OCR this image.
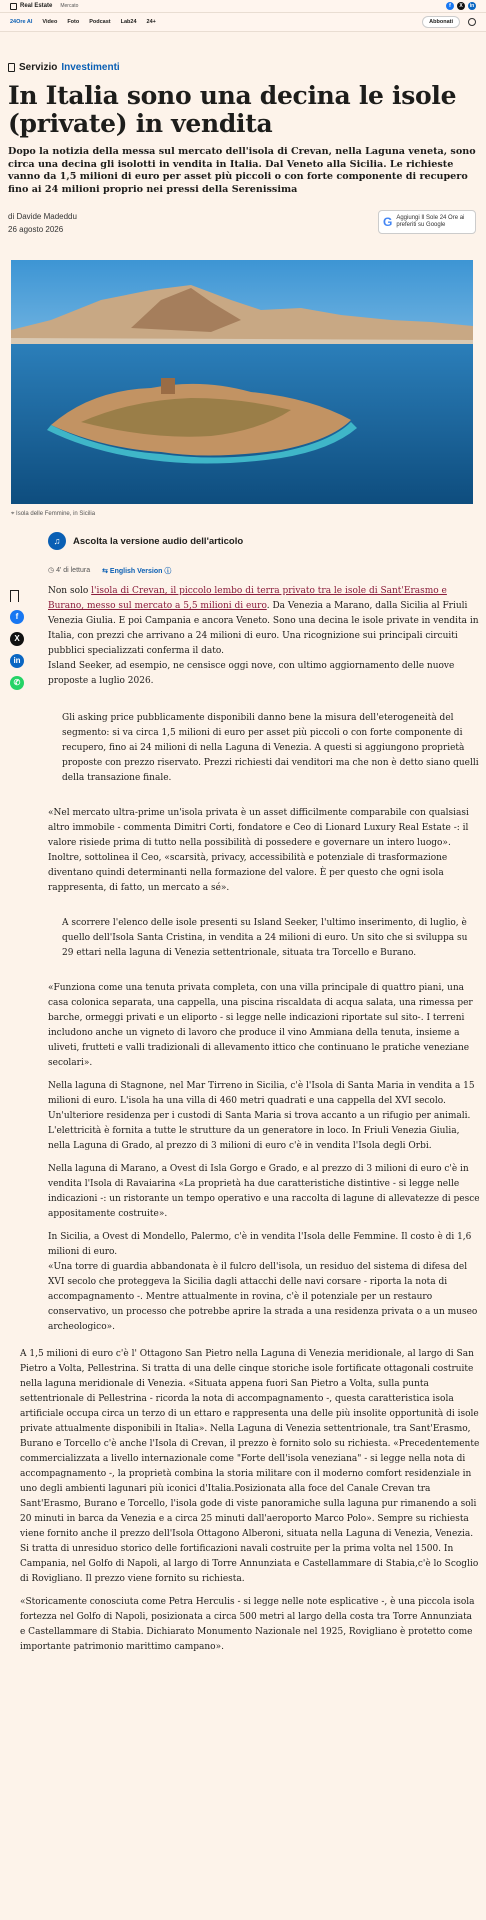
Real Estate Mercato	f	X	in
24Ore AI Video Foto Podcast Lab24 24+	Abbonati
Servizio Investimenti
In Italia sono una decina le isole (private) in vendita

Dopo la notizia della messa sul mercato dell'isola di Crevan, nella Laguna veneta, sono circa una decina gli isolotti in vendita in Italia. Dal Veneto alla Sicilia. Le richieste vanno da 1,5 milioni di euro per asset più piccoli o con forte componente di recupero fino ai 24 milioni proprio nei pressi della Serenissima

di Davide Madeddu
26 agosto 2026
G Aggiungi Il Sole 24 Ore ai preferiti su Google
⌖ Isola delle Femmine, in Sicilia
f
X
in
✆
♫	Ascolta la versione audio dell'articolo
◷ 4' di lettura ⇆ English Version ⓘ

Non solo l'isola di Crevan, il piccolo lembo di terra privato tra le isole di Sant'Erasmo e Burano, messo sul mercato a 5,5 milioni di euro. Da Venezia a Marano, dalla Sicilia al Friuli Venezia Giulia. E poi Campania e ancora Veneto. Sono una decina le isole private in vendita in Italia, con prezzi che arrivano a 24 milioni di euro. Una ricognizione sui principali circuiti pubblici specializzati conferma il dato.

Island Seeker, ad esempio, ne censisce oggi nove, con ultimo aggiornamento delle nuove proposte a luglio 2026.

Gli asking price pubblicamente disponibili danno bene la misura dell'eterogeneità del segmento: si va circa 1,5 milioni di euro per asset più piccoli o con forte componente di recupero, fino ai 24 milioni di nella Laguna di Venezia. A questi si aggiungono proprietà proposte con prezzo riservato. Prezzi richiesti dai venditori ma che non è detto siano quelli della transazione finale.

«Nel mercato ultra-prime un'isola privata è un asset difficilmente comparabile con qualsiasi altro immobile - commenta Dimitri Corti, fondatore e Ceo di Lionard Luxury Real Estate -: il valore risiede prima di tutto nella possibilità di possedere e governare un intero luogo». Inoltre, sottolinea il Ceo, «scarsità, privacy, accessibilità e potenziale di trasformazione diventano quindi determinanti nella formazione del valore. È per questo che ogni isola rappresenta, di fatto, un mercato a sé».

A scorrere l'elenco delle isole presenti su Island Seeker, l'ultimo inserimento, di luglio, è quello dell'Isola Santa Cristina, in vendita a 24 milioni di euro. Un sito che si sviluppa su 29 ettari nella laguna di Venezia settentrionale, situata tra Torcello e Burano.

«Funziona come una tenuta privata completa, con una villa principale di quattro piani, una casa colonica separata, una cappella, una piscina riscaldata di acqua salata, una rimessa per barche, ormeggi privati e un eliporto - si legge nelle indicazioni riportate sul sito-. I terreni includono anche un vigneto di lavoro che produce il vino Ammiana della tenuta, insieme a uliveti, frutteti e valli tradizionali di allevamento ittico che continuano le pratiche veneziane secolari».

Nella laguna di Stagnone, nel Mar Tirreno in Sicilia, c'è l'Isola di Santa Maria in vendita a 15 milioni di euro. L'isola ha una villa di 460 metri quadrati e una cappella del XVI secolo. Un'ulteriore residenza per i custodi di Santa Maria si trova accanto a un rifugio per animali. L'elettricità è fornita a tutte le strutture da un generatore in loco. In Friuli Venezia Giulia, nella Laguna di Grado, al prezzo di 3 milioni di euro c'è in vendita l'Isola degli Orbi.

Nella laguna di Marano, a Ovest di Isla Gorgo e Grado, e al prezzo di 3 milioni di euro c'è in vendita l'Isola di Ravaiarina «La proprietà ha due caratteristiche distintive - si legge nelle indicazioni -: un ristorante un tempo operativo e una raccolta di lagune di allevatezze di pesce appositamente costruite».

In Sicilia, a Ovest di Mondello, Palermo, c'è in vendita l'Isola delle Femmine. Il costo è di 1,6 milioni di euro.

«Una torre di guardia abbandonata è il fulcro dell'isola, un residuo del sistema di difesa del XVI secolo che proteggeva la Sicilia dagli attacchi delle navi corsare - riporta la nota di accompagnamento -. Mentre attualmente in rovina, c'è il potenziale per un restauro conservativo, un processo che potrebbe aprire la strada a una residenza privata o a un museo archeologico».

A 1,5 milioni di euro c'è l' Ottagono San Pietro nella Laguna di Venezia meridionale, al largo di San Pietro a Volta, Pellestrina. Si tratta di una delle cinque storiche isole fortificate ottagonali costruite nella laguna meridionale di Venezia. «Situata appena fuori San Pietro a Volta, sulla punta settentrionale di Pellestrina - ricorda la nota di accompagnamento -, questa caratteristica isola artificiale occupa circa un terzo di un ettaro e rappresenta una delle più insolite opportunità di isole private attualmente disponibili in Italia». Nella Laguna di Venezia settentrionale, tra Sant'Erasmo, Burano e Torcello c'è anche l'Isola di Crevan, il prezzo è fornito solo su richiesta. «Precedentemente commercializzata a livello internazionale come "Forte dell'isola veneziana" - si legge nella nota di accompagnamento -, la proprietà combina la storia militare con il moderno comfort residenziale in uno degli ambienti lagunari più iconici d'Italia.Posizionata alla foce del Canale Crevan tra Sant'Erasmo, Burano e Torcello, l'isola gode di viste panoramiche sulla laguna pur rimanendo a soli 20 minuti in barca da Venezia e a circa 25 minuti dall'aeroporto Marco Polo». Sempre su richiesta viene fornito anche il prezzo dell'Isola Ottagono Alberoni, situata nella Laguna di Venezia, Venezia. Si tratta di unresiduo storico delle fortificazioni navali costruite per la prima volta nel 1500. In Campania, nel Golfo di Napoli, al largo di Torre Annunziata e Castellammare di Stabia,c'è lo Scoglio di Rovigliano. Il prezzo viene fornito su richiesta.

«Storicamente conosciuta come Petra Herculis - si legge nelle note esplicative -, è una piccola isola fortezza nel Golfo di Napoli, posizionata a circa 500 metri al largo della costa tra Torre Annunziata e Castellammare di Stabia. Dichiarato Monumento Nazionale nel 1925, Rovigliano è protetto come importante patrimonio marittimo campano».
